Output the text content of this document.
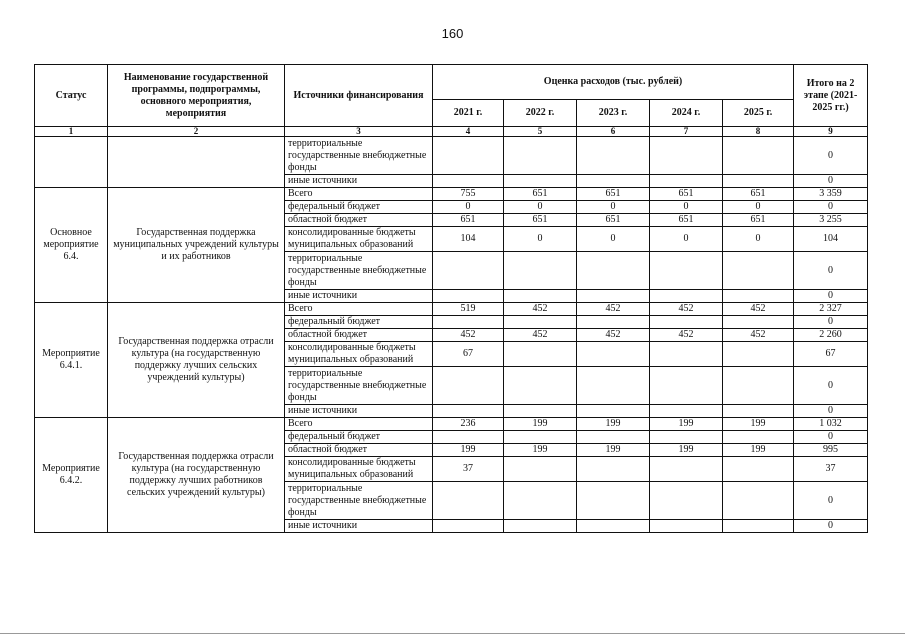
160
Статус	Наименование государственной программы, подпрограммы, основного мероприятия, мероприятия	Источники финансирования	Оценка расходов (тыс. рублей)					Итого на 2 этапе (2021-2025 гг.)
			2021 г.	2022 г.	2023 г.	2024 г.	2025 г.	
1	2	3	4	5	6	7	8	9
		территориальные государственные внебюджетные фонды						0
		иные источники						0
Основное мероприятие 6.4.	Государственная поддержка муниципальных учреждений культуры и их работников	Всего	755	651	651	651	651	3 359
		федеральный бюджет	0	0	0	0	0	0
		областной бюджет	651	651	651	651	651	3 255
		консолидированные бюджеты муниципальных образований	104	0	0	0	0	104
		территориальные государственные внебюджетные фонды						0
		иные источники						0
Мероприятие 6.4.1.	Государственная поддержка отрасли культура (на государственную поддержку лучших сельских учреждений культуры)	Всего	519	452	452	452	452	2 327
		федеральный бюджет						0
		областной бюджет	452	452	452	452	452	2 260
		консолидированные бюджеты муниципальных образований	67					67
		территориальные государственные внебюджетные фонды						0
		иные источники						0
Мероприятие 6.4.2.	Государственная поддержка отрасли культура (на государственную поддержку лучших работников сельских учреждений культуры)	Всего	236	199	199	199	199	1 032
		федеральный бюджет						0
		областной бюджет	199	199	199	199	199	995
		консолидированные бюджеты муниципальных образований	37					37
		территориальные государственные внебюджетные фонды						0
		иные источники						0
